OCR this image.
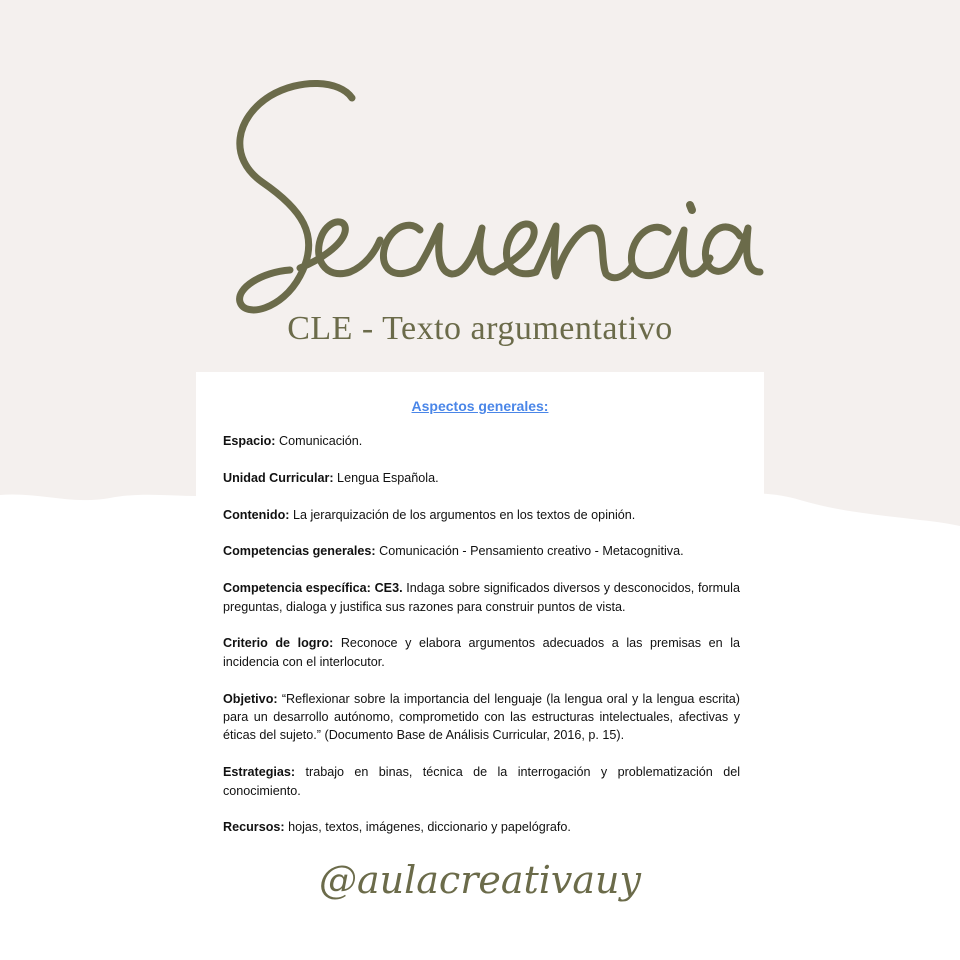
CLE - Texto argumentativo
Aspectos generales:

Espacio: Comunicación.

Unidad Curricular: Lengua Española.

Contenido: La jerarquización de los argumentos en los textos de opinión.

Competencias generales: Comunicación - Pensamiento creativo - Metacognitiva.

Competencia específica: CE3. Indaga sobre significados diversos y desconocidos, formula preguntas, dialoga y justifica sus razones para construir puntos de vista.

Criterio de logro: Reconoce y elabora argumentos adecuados a las premisas en la incidencia con el interlocutor.

Objetivo: “Reflexionar sobre la importancia del lenguaje (la lengua oral y la lengua escrita) para un desarrollo autónomo, comprometido con las estructuras intelectuales, afectivas y éticas del sujeto.” (Documento Base de Análisis Curricular, 2016, p. 15).

Estrategias: trabajo en binas, técnica de la interrogación y problematización del conocimiento.

Recursos: hojas, textos, imágenes, diccionario y papelógrafo.

@aulacreativauy
